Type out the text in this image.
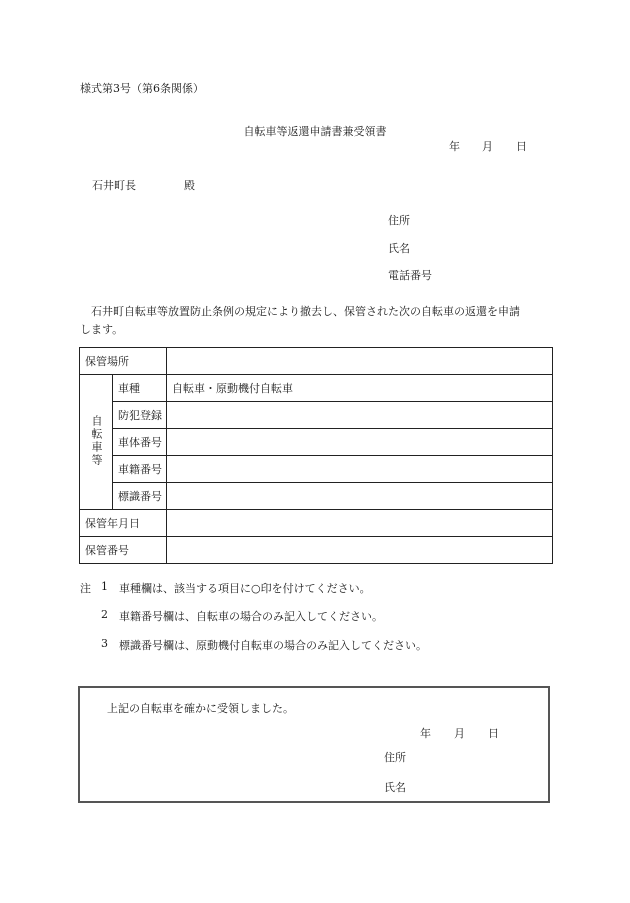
様式第3号（第6条関係）
自転車等返還申請書兼受領書
年 月 日
石井町長	殿
住所
氏名
電話番号
石井町自転車等放置防止条例の規定により撤去し、保管された次の自転車の返還を申請
します。
保管場所		
自転車等	車種	自転車・原動機付自転車
	防犯登録	
	車体番号	
	車籍番号	
	標識番号	
保管年月日		
保管番号		
注 1 車種欄は、該当する項目に○印を付けてください。
2 車籍番号欄は、自転車の場合のみ記入してください。
3 標識番号欄は、原動機付自転車の場合のみ記入してください。
上記の自転車を確かに受領しました。
年 月 日
住所
氏名
